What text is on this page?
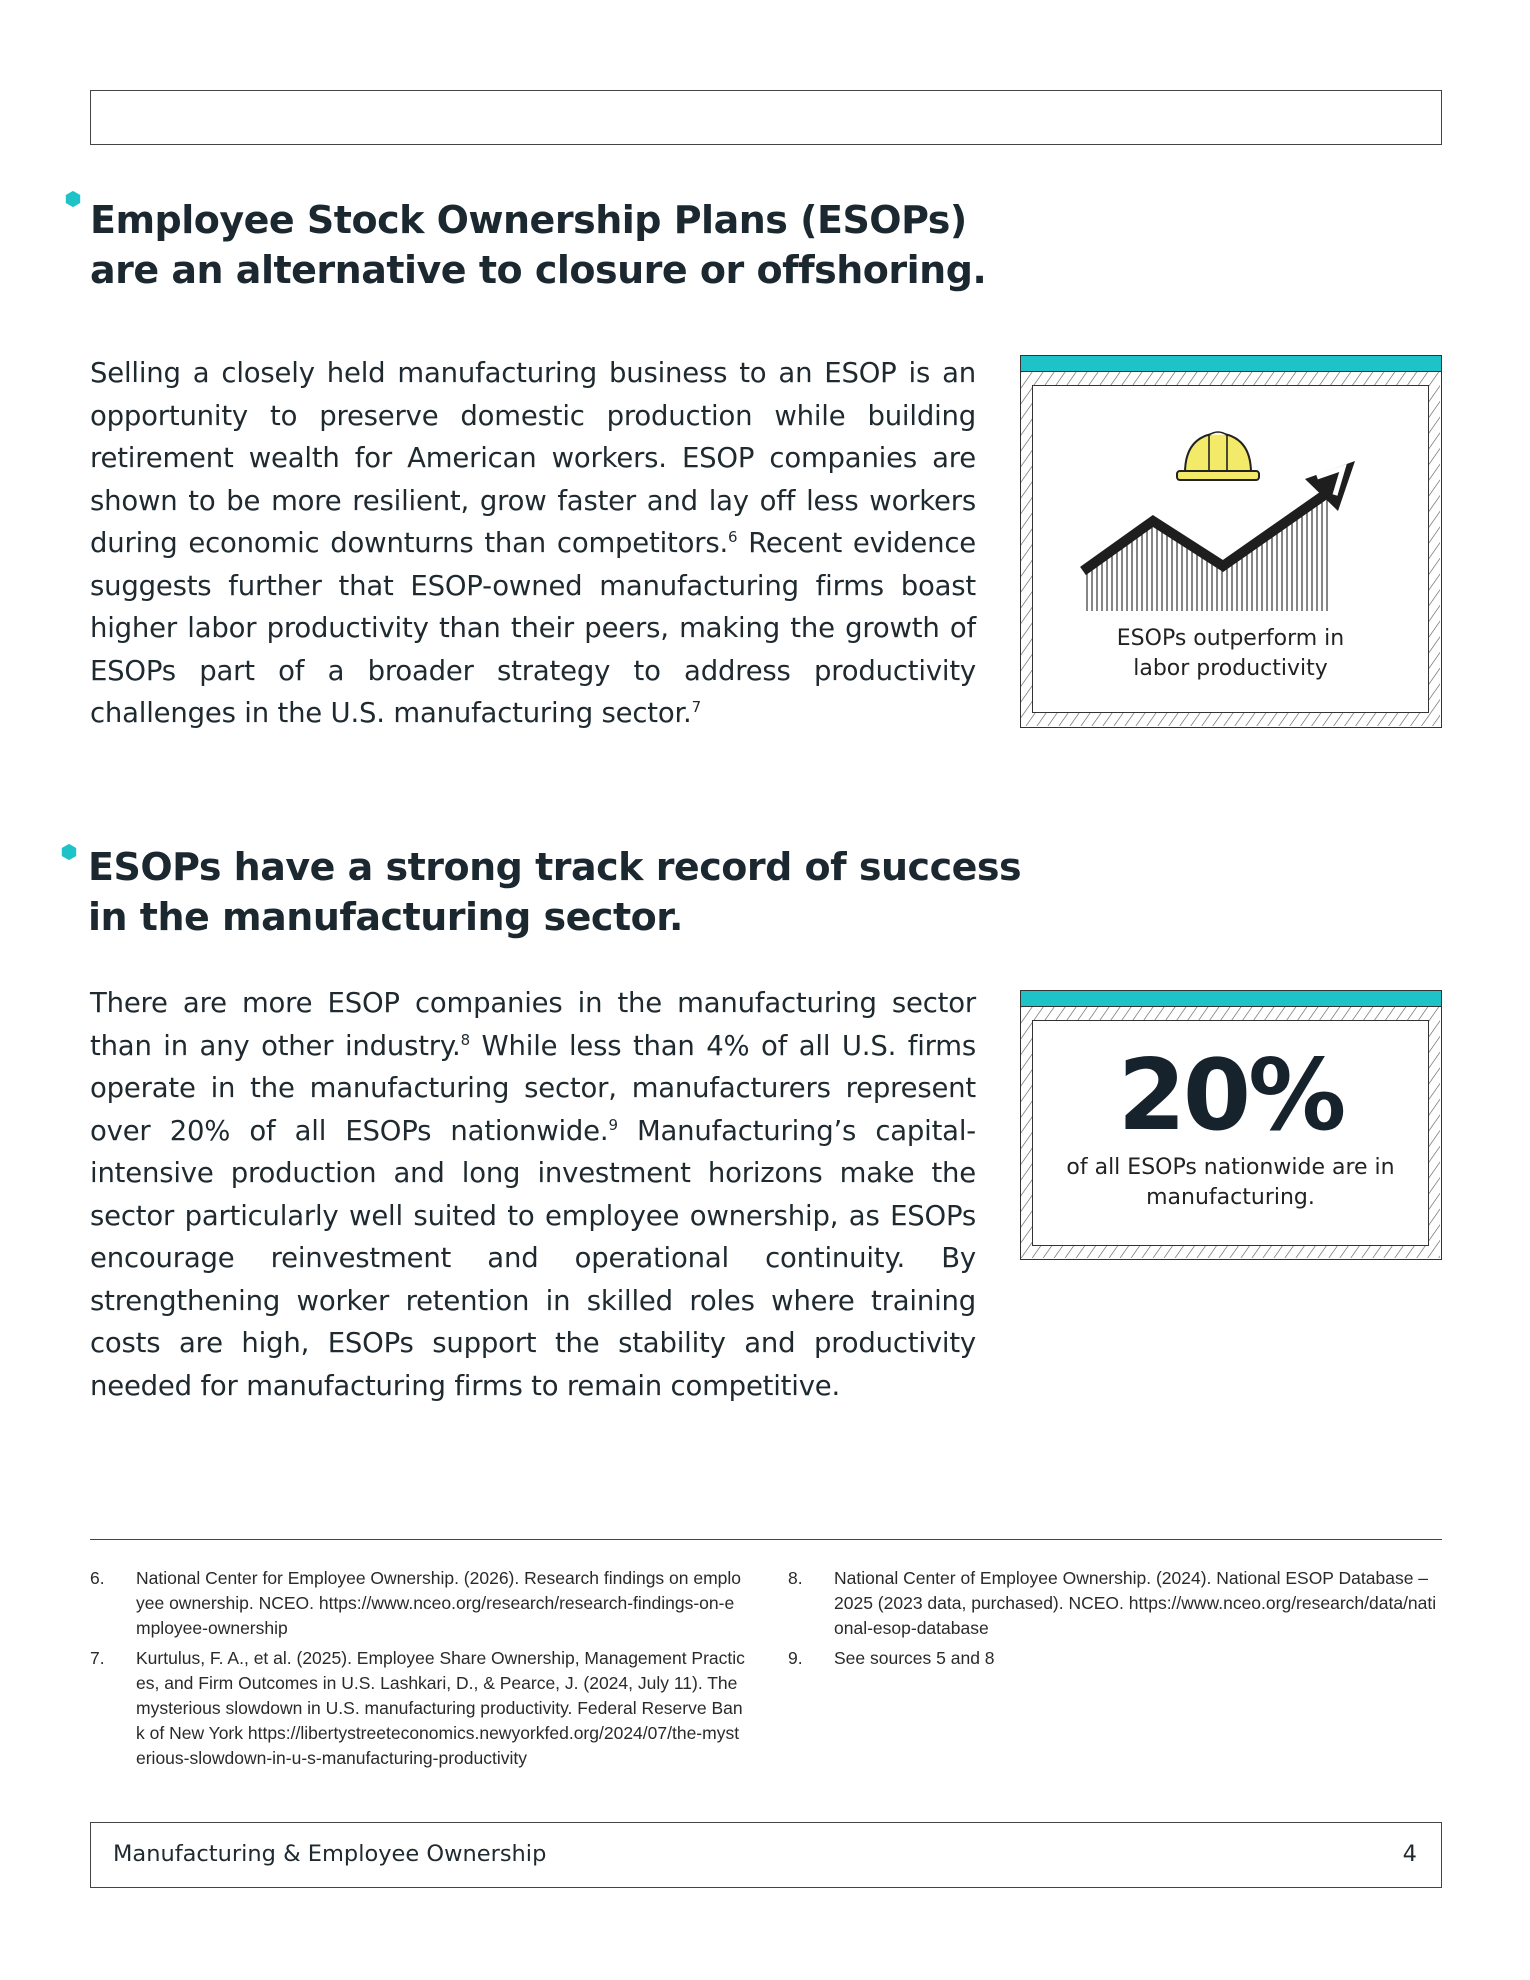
Employee Stock Ownership Plans (ESOPs)
are an alternative to closure or offshoring.

Selling a closely held manufacturing business to an ESOP is an opportunity to preserve domestic production while building retirement wealth for American workers. ESOP companies are shown to be more resilient, grow faster and lay off less workers during economic downturns than competitors.$^6$ Recent evidence suggests further that ESOP-owned manufacturing firms boast higher labor productivity than their peers, making the growth of ESOPs part of a broader strategy to address productivity challenges in the U.S. manufacturing sector.$^7$

ESOPs outperform in
labor productivity
ESOPs have a strong track record of success
in the manufacturing sector.

There are more ESOP companies in the manufacturing sector than in any other industry.$^8$ While less than 4% of all U.S. firms operate in the manufacturing sector, manufacturers represent over 20% of all ESOPs nationwide.$^9$ Manufacturing’s capital-intensive production and long investment horizons make the sector particularly well suited to employee ownership, as ESOPs encourage reinvestment and operational continuity. By strengthening worker retention in skilled roles where training costs are high, ESOPs support the stability and productivity needed for manufacturing firms to remain competitive.

20%
of all ESOPs nationwide are in
manufacturing.
6.	National Center for Employee Ownership. (2026). Research findings on employee ownership. NCEO. https://www.nceo.org/research/research-findings-on-employee-ownership
7.	Kurtulus, F. A., et al. (2025). Employee Share Ownership, Management Practices, and Firm Outcomes in U.S. Lashkari, D., & Pearce, J. (2024, July 11). The mysterious slowdown in U.S. manufacturing productivity. Federal Reserve Bank of New York https://libertystreeteconomics.newyorkfed.org/2024/07/the-mysterious-slowdown-in-u-s-manufacturing-productivity
8.	National Center of Employee Ownership. (2024). National ESOP Database – 2025 (2023 data, purchased). NCEO. https://www.nceo.org/research/data/national-esop-database
9.	See sources 5 and 8
Manufacturing & Employee Ownership	4
